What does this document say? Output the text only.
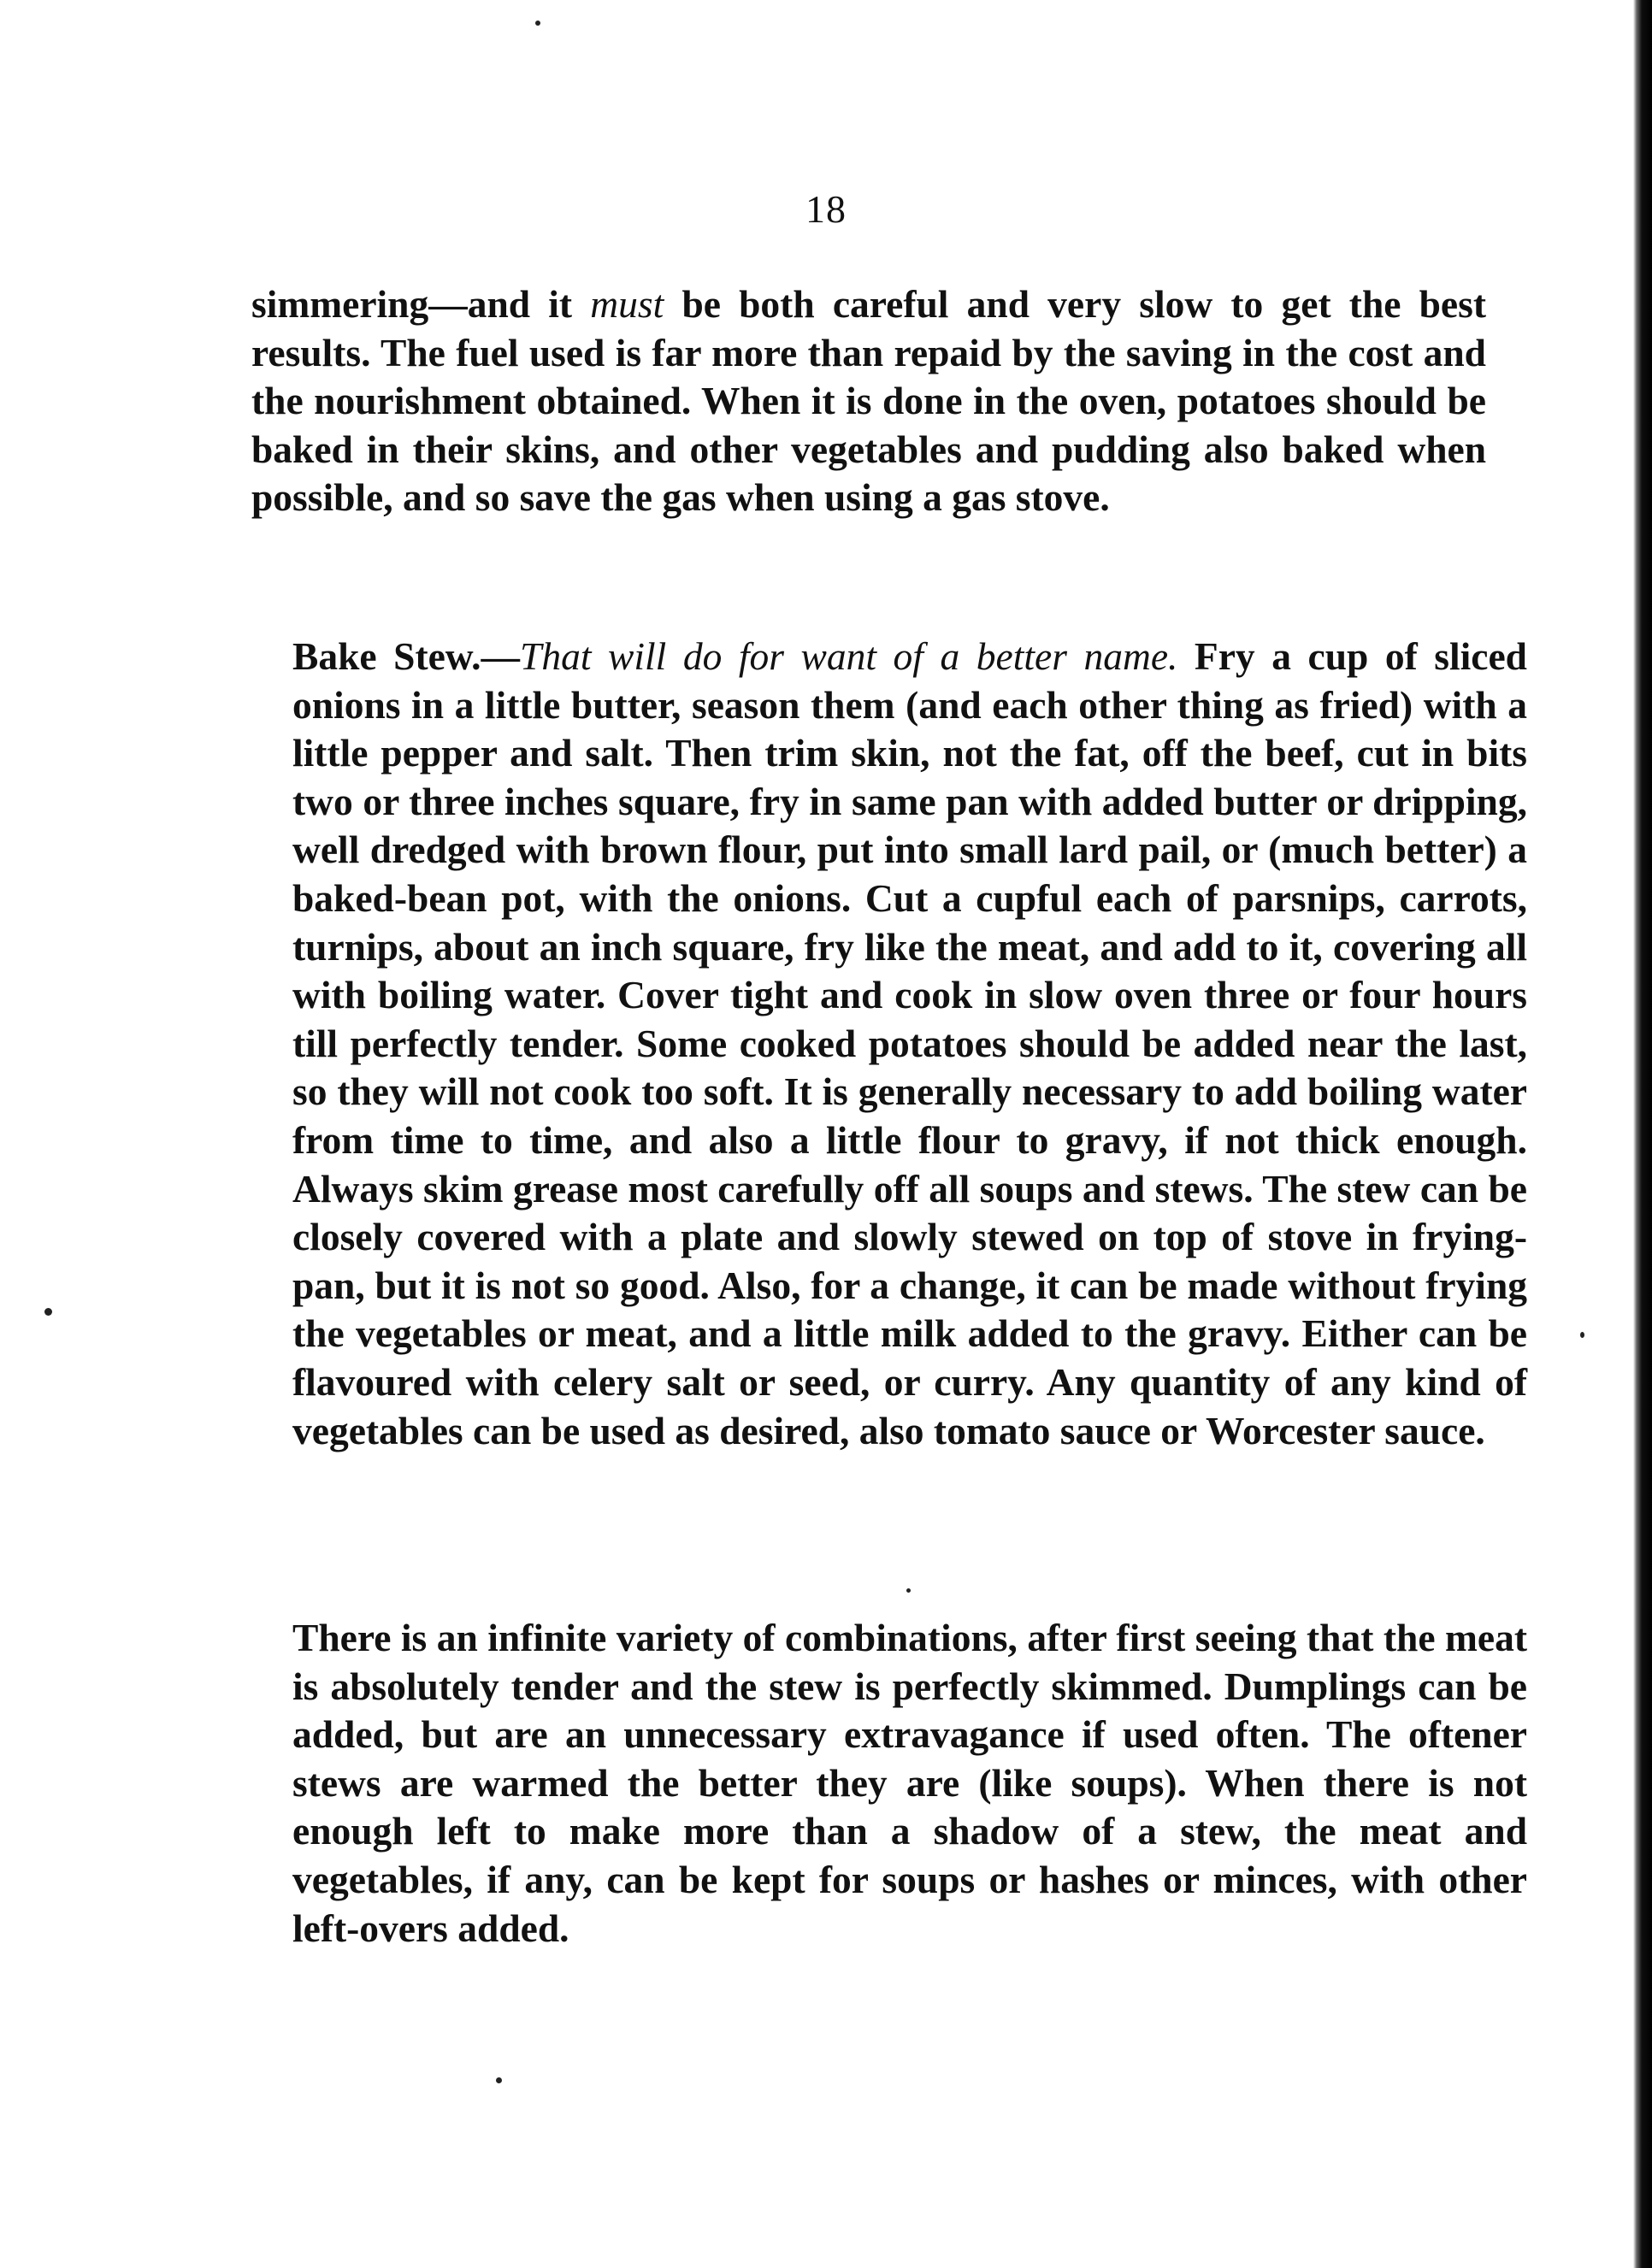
18

simmering—and it must be both careful and very slow to get the best results. The fuel used is far more than repaid by the saving in the cost and the nourishment obtained. When it is done in the oven, potatoes should be baked in their skins, and other vegetables and pudding also baked when possible, and so save the gas when using a gas stove.

Bake Stew.—That will do for want of a better name. Fry a cup of sliced onions in a little butter, season them (and each other thing as fried) with a little pepper and salt. Then trim skin, not the fat, off the beef, cut in bits two or three inches square, fry in same pan with added butter or dripping, well dredged with brown flour, put into small lard pail, or (much better) a baked-bean pot, with the onions. Cut a cupful each of parsnips, carrots, turnips, about an inch square, fry like the meat, and add to it, covering all with boiling water. Cover tight and cook in slow oven three or four hours till perfectly tender. Some cooked potatoes should be added near the last, so they will not cook too soft. It is generally necessary to add boiling water from time to time, and also a little flour to gravy, if not thick enough. Always skim grease most carefully off all soups and stews. The stew can be closely covered with a plate and slowly stewed on top of stove in frying-pan, but it is not so good. Also, for a change, it can be made without frying the vegetables or meat, and a little milk added to the gravy. Either can be flavoured with celery salt or seed, or curry. Any quantity of any kind of vegetables can be used as desired, also tomato sauce or Worcester sauce.

There is an infinite variety of combinations, after first seeing that the meat is absolutely tender and the stew is perfectly skimmed. Dumplings can be added, but are an unnecessary extravagance if used often. The oftener stews are warmed the better they are (like soups). When there is not enough left to make more than a shadow of a stew, the meat and vegetables, if any, can be kept for soups or hashes or minces, with other left-overs added.
